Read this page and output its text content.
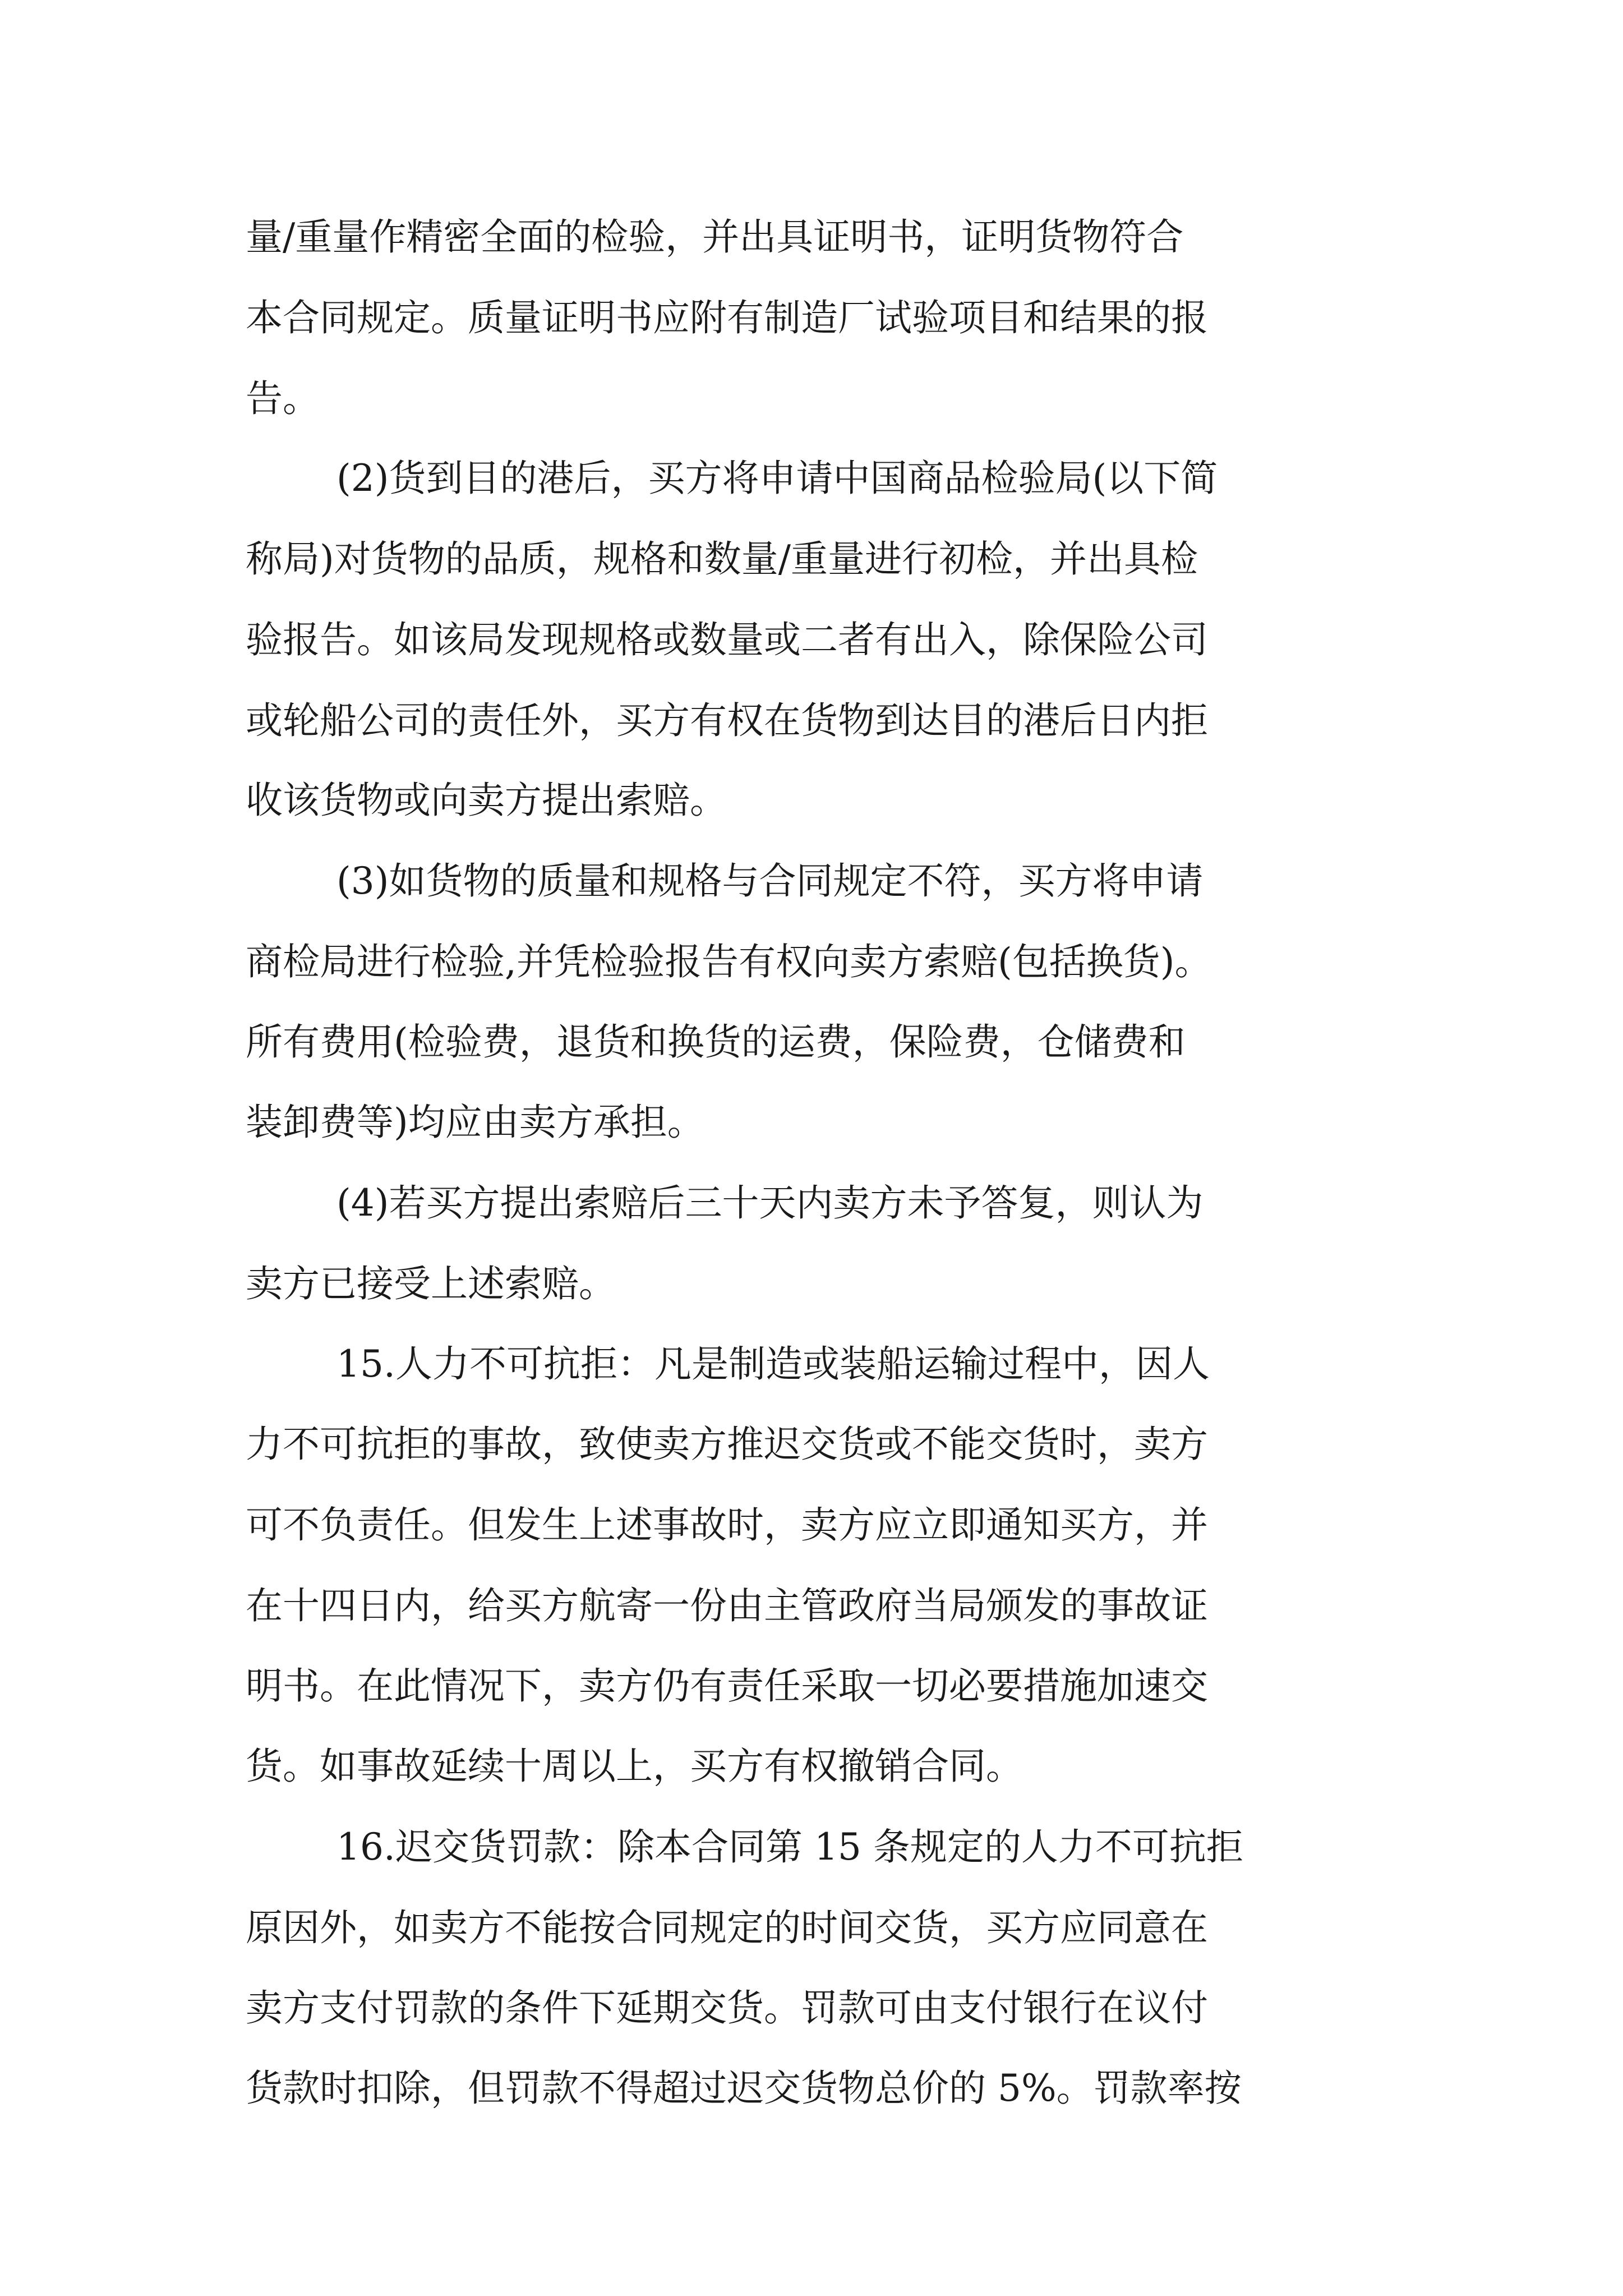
量/重量作精密全面的检验，并出具证明书，证明货物符合

本合同规定。质量证明书应附有制造厂试验项目和结果的报

告。

(2)货到目的港后，买方将申请中国商品检验局(以下简

称局)对货物的品质，规格和数量/重量进行初检，并出具检

验报告。如该局发现规格或数量或二者有出入，除保险公司

或轮船公司的责任外，买方有权在货物到达目的港后日内拒

收该货物或向卖方提出索赔。

(3)如货物的质量和规格与合同规定不符，买方将申请

商检局进行检验,并凭检验报告有权向卖方索赔(包括换货)。

所有费用(检验费，退货和换货的运费，保险费，仓储费和

装卸费等)均应由卖方承担。

(4)若买方提出索赔后三十天内卖方未予答复，则认为

卖方已接受上述索赔。

15.人力不可抗拒：凡是制造或装船运输过程中，因人

力不可抗拒的事故，致使卖方推迟交货或不能交货时，卖方

可不负责任。但发生上述事故时，卖方应立即通知买方，并

在十四日内，给买方航寄一份由主管政府当局颁发的事故证

明书。在此情况下，卖方仍有责任采取一切必要措施加速交

货。如事故延续十周以上，买方有权撤销合同。

16.迟交货罚款：除本合同第 15 条规定的人力不可抗拒

原因外，如卖方不能按合同规定的时间交货，买方应同意在

卖方支付罚款的条件下延期交货。罚款可由支付银行在议付

货款时扣除，但罚款不得超过迟交货物总价的 5%。罚款率按
